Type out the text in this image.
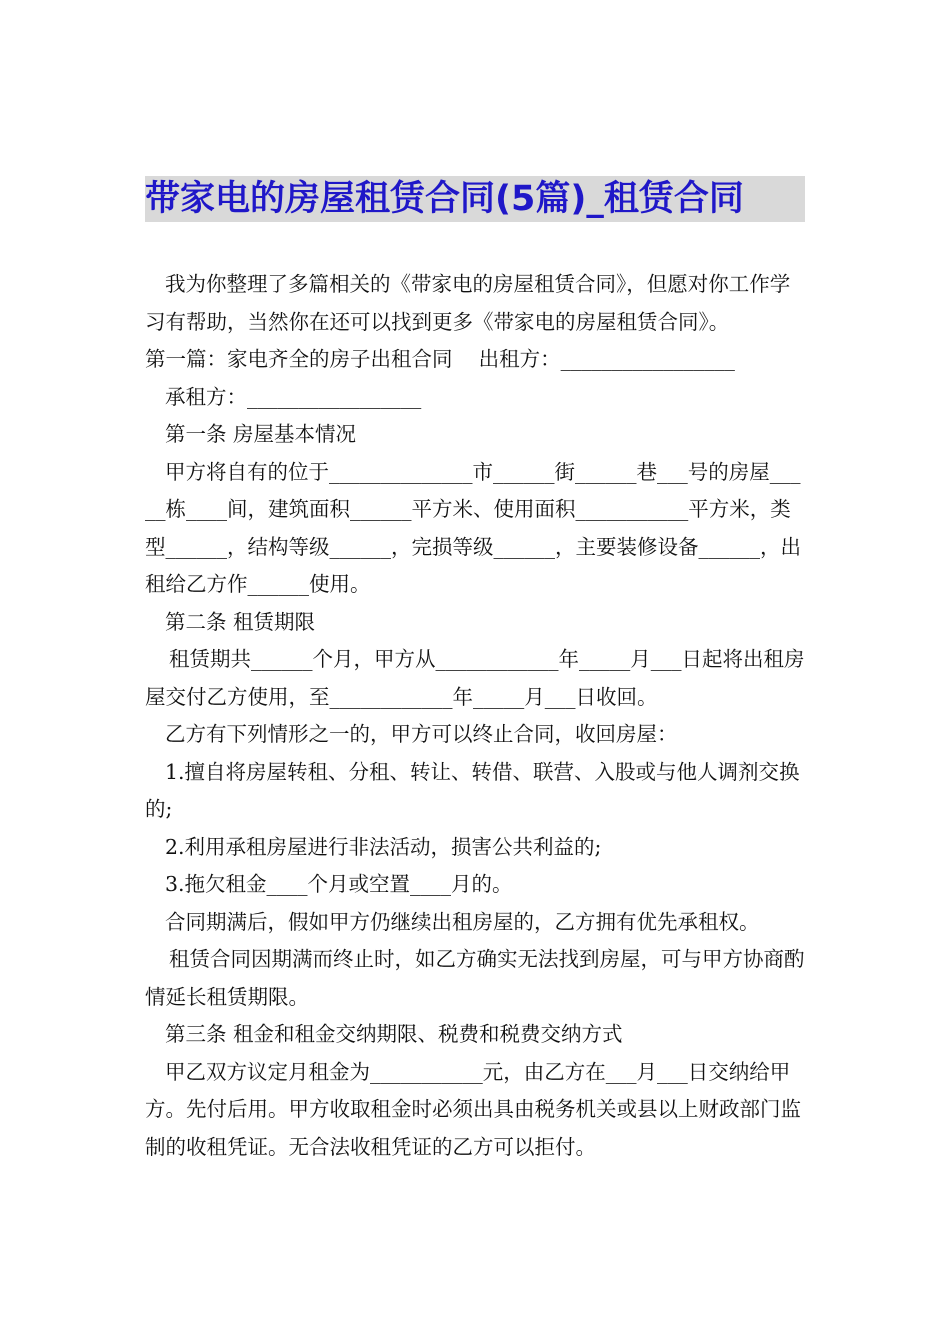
带家电的房屋租赁合同(5篇)_租赁合同

我为你整理了多篇相关的《带家电的房屋租赁合同》，但愿对你工作学习有帮助，当然你在还可以找到更多《带家电的房屋租赁合同》。

第一篇：家电齐全的房子出租合同    出租方：_________________

承租方：_________________

第一条 房屋基本情况

甲方将自有的位于______________市______街______巷___号的房屋_____栋____间，建筑面积______平方米、使用面积___________平方米，类型______，结构等级______，完损等级______，主要装修设备______，出租给乙方作______使用。

第二条 租赁期限

租赁期共______个月，甲方从____________年_____月___日起将出租房屋交付乙方使用，至____________年_____月___日收回。

乙方有下列情形之一的，甲方可以终止合同，收回房屋：

1.擅自将房屋转租、分租、转让、转借、联营、入股或与他人调剂交换的;

2.利用承租房屋进行非法活动，损害公共利益的;

3.拖欠租金____个月或空置____月的。

合同期满后，假如甲方仍继续出租房屋的，乙方拥有优先承租权。

租赁合同因期满而终止时，如乙方确实无法找到房屋，可与甲方协商酌情延长租赁期限。

第三条 租金和租金交纳期限、税费和税费交纳方式

甲乙双方议定月租金为___________元，由乙方在___月___日交纳给甲方。先付后用。甲方收取租金时必须出具由税务机关或县以上财政部门监制的收租凭证。无合法收租凭证的乙方可以拒付。
